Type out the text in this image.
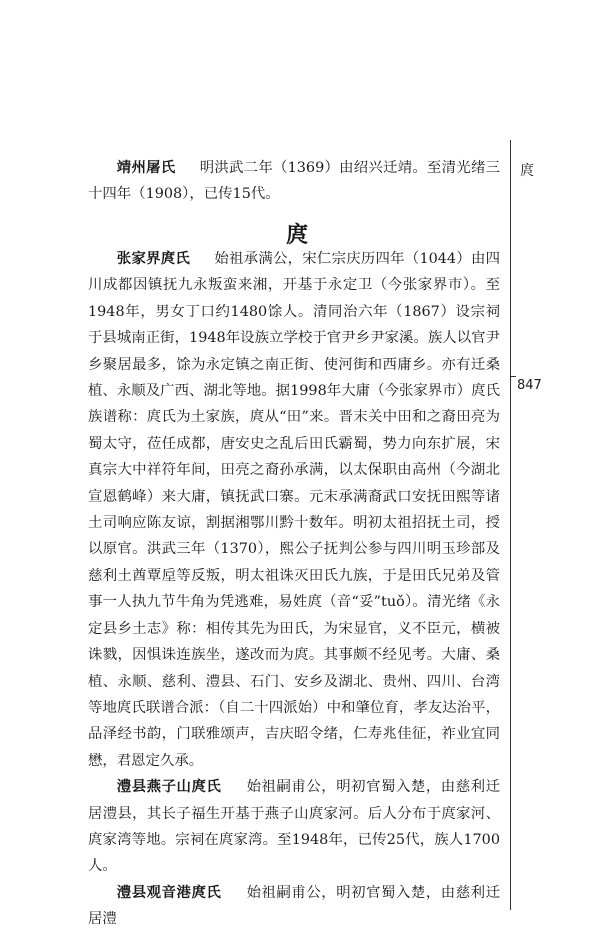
靖州屠氏 　 明洪武二年（1369）由绍兴迁靖。至清光绪三十四年（1908），已传15代。

庹

张家界庹氏 　 始祖承满公，宋仁宗庆历四年（1044）由四川成都因镇抚九永叛蛮来湘，开基于永定卫（今张家界市）。至1948年，男女丁口约1480馀人。清同治六年（1867）设宗祠于县城南正街，1948年设族立学校于官尹乡尹家溪。族人以官尹乡聚居最多，馀为永定镇之南正街、使河街和西庸乡。亦有迁桑植、永顺及广西、湖北等地。据1998年大庸（今张家界市）庹氏族谱称：庹氏为土家族，庹从“田”来。晋末关中田和之裔田亮为蜀太守，莅任成都，唐安史之乱后田氏霸蜀，势力向东扩展，宋真宗大中祥符年间，田亮之裔孙承满，以太保职由高州（今湖北宣恩鹤峰）来大庸，镇抚武口寨。元末承满裔武口安抚田熙等诸土司响应陈友谅，割据湘鄂川黔十数年。明初太祖招抚土司，授以原官。洪武三年（1370），熙公子抚判公参与四川明玉珍部及慈利土酋覃垕等反叛，明太祖诛灭田氏九族，于是田氏兄弟及管事一人执九节牛角为凭逃难，易姓庹（音“妥”tuǒ）。清光绪《永定县乡土志》称：相传其先为田氏，为宋显官，义不臣元，横被诛戮，因惧诛连族坐，遂改而为庹。其事颇不经见考。大庸、桑植、永顺、慈利、澧县、石门、安乡及湖北、贵州、四川、台湾等地庹氏联谱合派：（自二十四派始）中和肇位育，孝友达治平，品泽经书韵，门联雅颂声，吉庆昭令绪，仁寿兆佳征，祚业宜同懋，君恩定久承。

澧县燕子山庹氏 　 始祖嗣甫公，明初官蜀入楚，由慈利迁居澧县，其长子福生开基于燕子山庹家河。后人分布于庹家河、庹家湾等地。宗祠在庹家湾。至1948年，已传25代，族人1700人。

澧县观音港庹氏 　 始祖嗣甫公，明初官蜀入楚，由慈利迁居澧

庹
847
